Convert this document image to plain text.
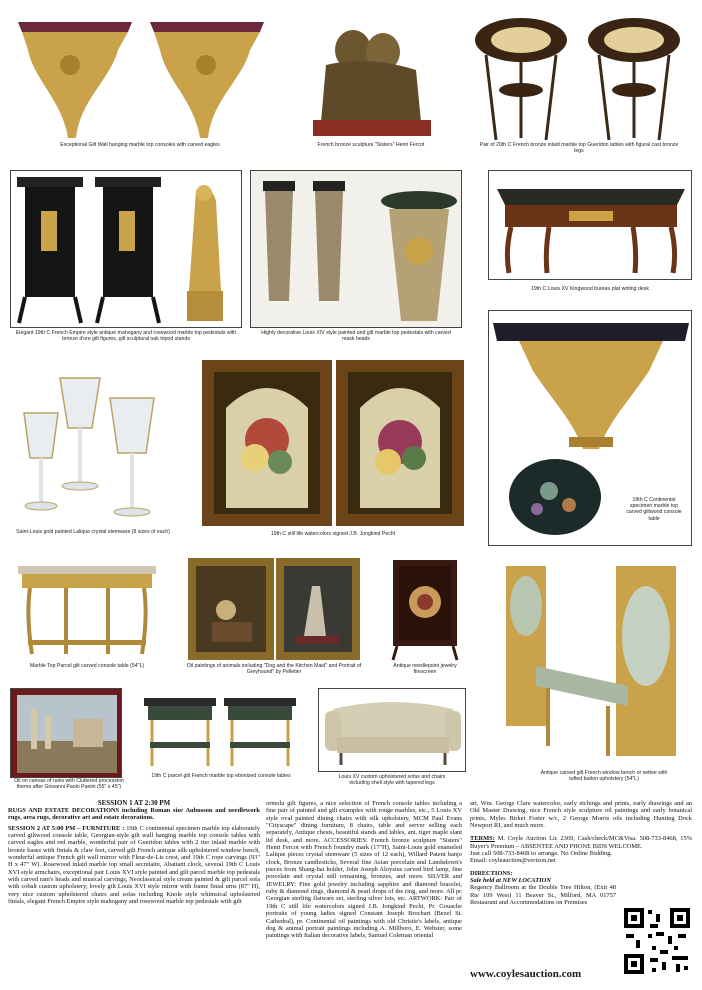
Exceptional Gilt Wall hanging marble top consoles with carved eagles	French bronze sculpture "Sisters" Henri Fercot	Pair of 20th C French bronze inlaid marble top Gueridon tables with figural cast bronze legs
Elegant 19th C French Empire style antique mahogany and rosewood marble top pedestals with bronze d'ore gilt figures, gilt sculptural oak tripod stands
Highly decorative Louis XIV style painted and gilt marble top pedestals with carved mask heads
19th C Louis XV Kingwood bureau plat writing desk
Saint-Louis gold painted Lalique crystal stemware (8 sizes of each)	19th C still life watercolors signed J.B. Jongkind Pecht
19th C Continental specimen marble top carved giltwood console table
Marble Top Parcel gilt carved console table (54"L)	Oil paintings of animals including "Dog and the Kitchen Maid" and Portrait of Greyhound" by Pelletier
Antique needlepoint jewelry firescreen
Antique carved gilt French window bench or settee with tufted button upholstery (54"L)
Oil on canvas of ruins with Cluttered procession theme after Giovanni Paolo Panini (55" x 45")
19th C parcel gilt French marble top ebonized console tables	Louis XV custom upholstered sofas and chairs including shell style with tapered legs
SESSION 1 AT 2:30 PM

RUGS AND ESTATE DECORATIONS including Roman size Aubusson and needlework rugs, area rugs, decorative art and estate decorations.

SESSION 2 AT 5:00 PM – FURNITURE : 19th C continental specimen marble top elaborately carved giltwood console table, Georgian-style gilt wall hanging marble top console tables with carved eagles and red marble, wonderful pair of Gueridon tables with 2 tier inlaid marble with bronze bases with finials & claw feet, carved gilt French antique silk upholstered window bench, wonderful antique French gilt wall mirror with Fleur-de-Lis crest, and 19th C rope carvings (93" H x 47" W). Rosewood inlaid marble top small secretaire, Abattant clock, several 19th C Louis XVI style armchairs, exceptional pair Louis XVI style painted and gilt parcel marble top pedestals with carved ram's heads and musical carvings, Neoclassical style cream painted & gilt parcel sofa with cobalt custom upholstery, lovely gilt Louis XVI style mirror with frame finial urns (87" H), very nice custom upholstered chairs and sofas including Knole style whimsical upholstered finials, elegant French Empire style mahogany and rosewood marble top pedestals with gilt

ormolu gilt figures, a nice selection of French console tables including a fine pair of painted and gilt examples with rouge marbles, etc., 5 Louis XV style oval painted dining chairs with silk upholstery, MCM Paul Evans "Cityscape" dining furniture, 8 chairs, table and server selling each separately, Antique chests, beautiful stands and tables, ant. tiger maple slant lid desk, and more. ACCESSORIES: French bronze sculpture "Sisters" Henri Fercot with French foundry mark (17"H), Saint-Louis gold enameled Lalique pieces crystal stemware (5 sizes of 12 each), Willard Patent banjo clock, Bronze candlesticks, Several fine Asian porcelain and Landsdown's pieces from Shang-hai holder, John Joseph Aloysius carved bird lamp, fine porcelain and crystal still remaining, bronzes, and more. SILVER and JEWELRY: Fine gold jewelry including sapphire and diamond bracelet, ruby & diamond rings, diamond & pearl drops of the ring, and more. All pc Georgian sterling flatware set, sterling silver lots, etc. ARTWORK: Pair of 19th C still life watercolors signed J.B. Jongkind Pecht, Pr. Gouache portraits of young ladies signed Constant Joseph Brochart (Bezel St. Cathedral), pr. Continental oil paintings with old Christie's labels, antique dog & animal portrait paintings including A. Millboro, E. Webster, some paintings with Italian decorative labels, Samuel Coleman oriental

art, Wm. George Clare watercolor, early etchings and prints, early drawings and an Old Master Drawing, nice French style sculpture oil paintings and early botanical prints, Myles Birket Foster w/c, 2 George Morris oils including Hunting Dock Newport RI, and much more.

TERMS: M. Coyle Auction Lic 2369, Cash/check/MC&Visa. 508-733-8468, 15% Buyer's Premium – ABSENTEE AND PHONE BIDS WELCOME.

Just call 508-733-8468 to arrange. No Online Bidding. Email: coyleauction@verizon.net

DIRECTIONS:

Sale held at NEW LOCATION

Regency Ballroom at the Double Tree Hilton, (Exit 48 Rte 109 West) 11 Beaver St., Milford, MA 01757 Restaurant and Accommodations on Premises

www.coylesauction.com
